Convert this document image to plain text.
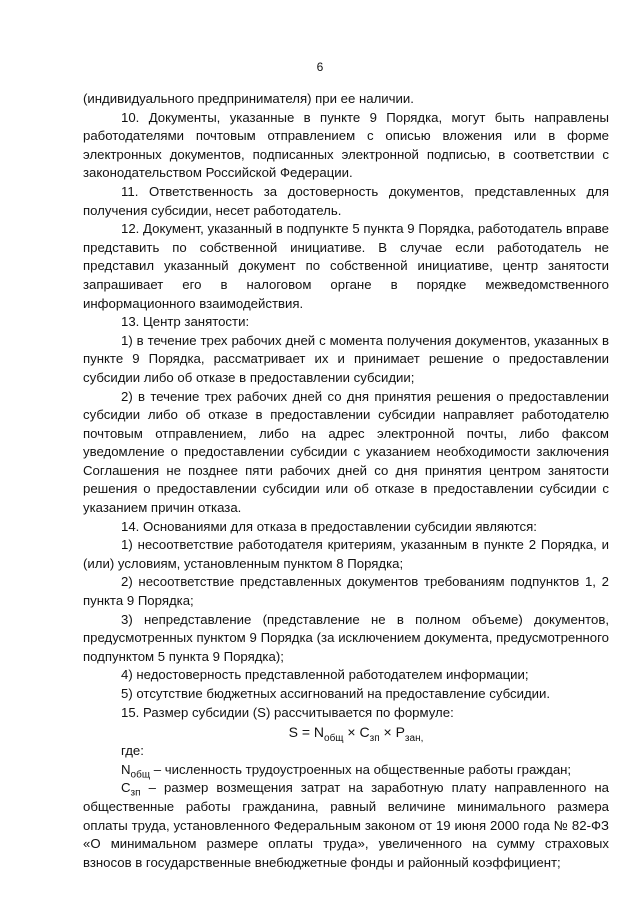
6

(индивидуального предпринимателя) при ее наличии.

10. Документы, указанные в пункте 9 Порядка, могут быть направлены работодателями почтовым отправлением с описью вложения или в форме электронных документов, подписанных электронной подписью, в соответствии с законодательством Российской Федерации.

11. Ответственность за достоверность документов, представленных для получения субсидии, несет работодатель.

12. Документ, указанный в подпункте 5 пункта 9 Порядка, работодатель вправе представить по собственной инициативе. В случае если работодатель не представил указанный документ по собственной инициативе, центр занятости запрашивает его в налоговом органе в порядке межведомственного информационного взаимодействия.

13. Центр занятости:

1) в течение трех рабочих дней с момента получения документов, указанных в пункте 9 Порядка, рассматривает их и принимает решение о предоставлении субсидии либо об отказе в предоставлении субсидии;

2) в течение трех рабочих дней со дня принятия решения о предоставлении субсидии либо об отказе в предоставлении субсидии направляет работодателю почтовым отправлением, либо на адрес электронной почты, либо факсом уведомление о предоставлении субсидии с указанием необходимости заключения Соглашения не позднее пяти рабочих дней со дня принятия центром занятости решения о предоставлении субсидии или об отказе в предоставлении субсидии с указанием причин отказа.

14. Основаниями для отказа в предоставлении субсидии являются:

1) несоответствие работодателя критериям, указанным в пункте 2 Порядка, и (или) условиям, установленным пунктом 8 Порядка;

2) несоответствие представленных документов требованиям подпунктов 1, 2 пункта 9 Порядка;

3) непредставление (представление не в полном объеме) документов, предусмотренных пунктом 9 Порядка (за исключением документа, предусмотренного подпунктом 5 пункта 9 Порядка);

4) недостоверность представленной работодателем информации;

5) отсутствие бюджетных ассигнований на предоставление субсидии.

15. Размер субсидии (S) рассчитывается по формуле:

$S = N_{общ} \times C_{зп} \times P_{зан,}$

где:

$N_{общ}$ – численность трудоустроенных на общественные работы граждан;

$C_{зп}$ – размер возмещения затрат на заработную плату направленного на общественные работы гражданина, равный величине минимального размера оплаты труда, установленного Федеральным законом от 19 июня 2000 года № 82-ФЗ «О минимальном размере оплаты труда», увеличенного на сумму страховых взносов в государственные внебюджетные фонды и районный коэффициент;
